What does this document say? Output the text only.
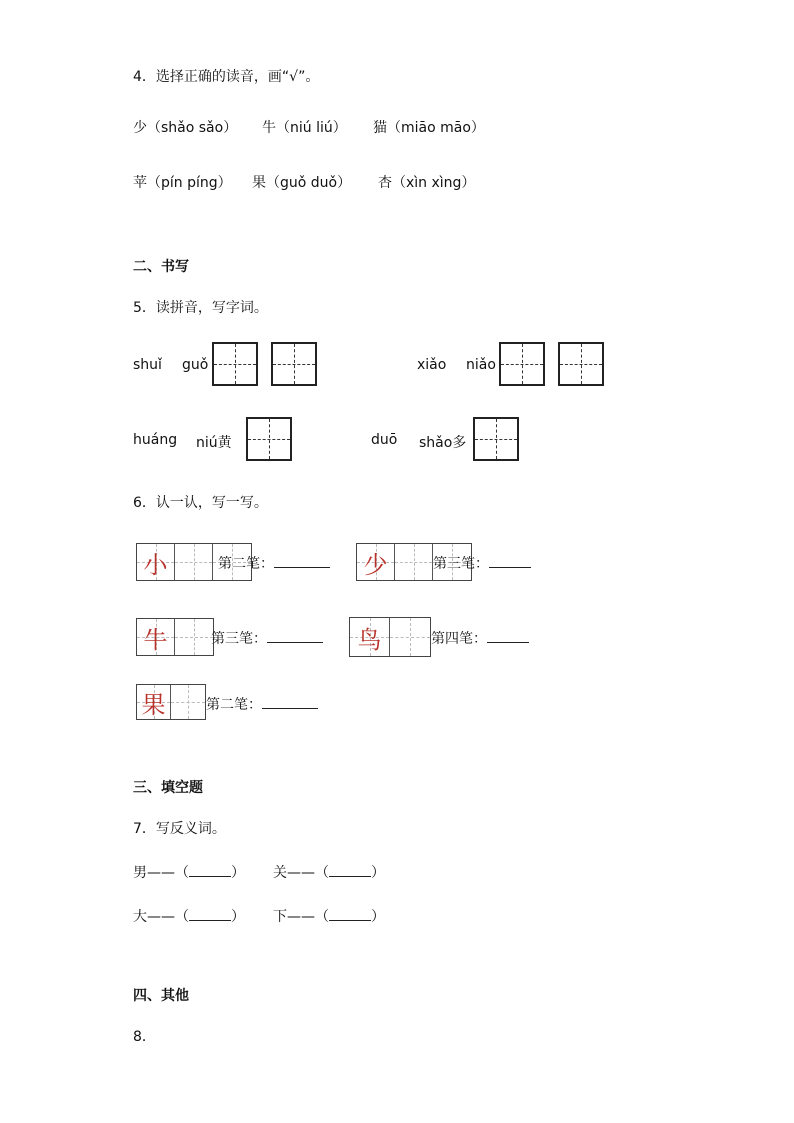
4．选择正确的读音，画“√”。
少（shǎo sǎo） 牛（niú liú） 猫（miāo māo）
苹（pín píng） 果（guǒ duǒ） 杏（xìn xìng）
二、书写
5．读拼音，写字词。
shuǐ guǒ	xiǎo niǎo
huáng niú黄	duō shǎo多
6．认一认，写一写。
小	第二笔：	少	第三笔：
牛	第三笔：	鸟	第四笔：
果	第二笔：
三、填空题
7．写反义词。
男——（	） 关——（	）
大——（	） 下——（	）
四、其他
8．
